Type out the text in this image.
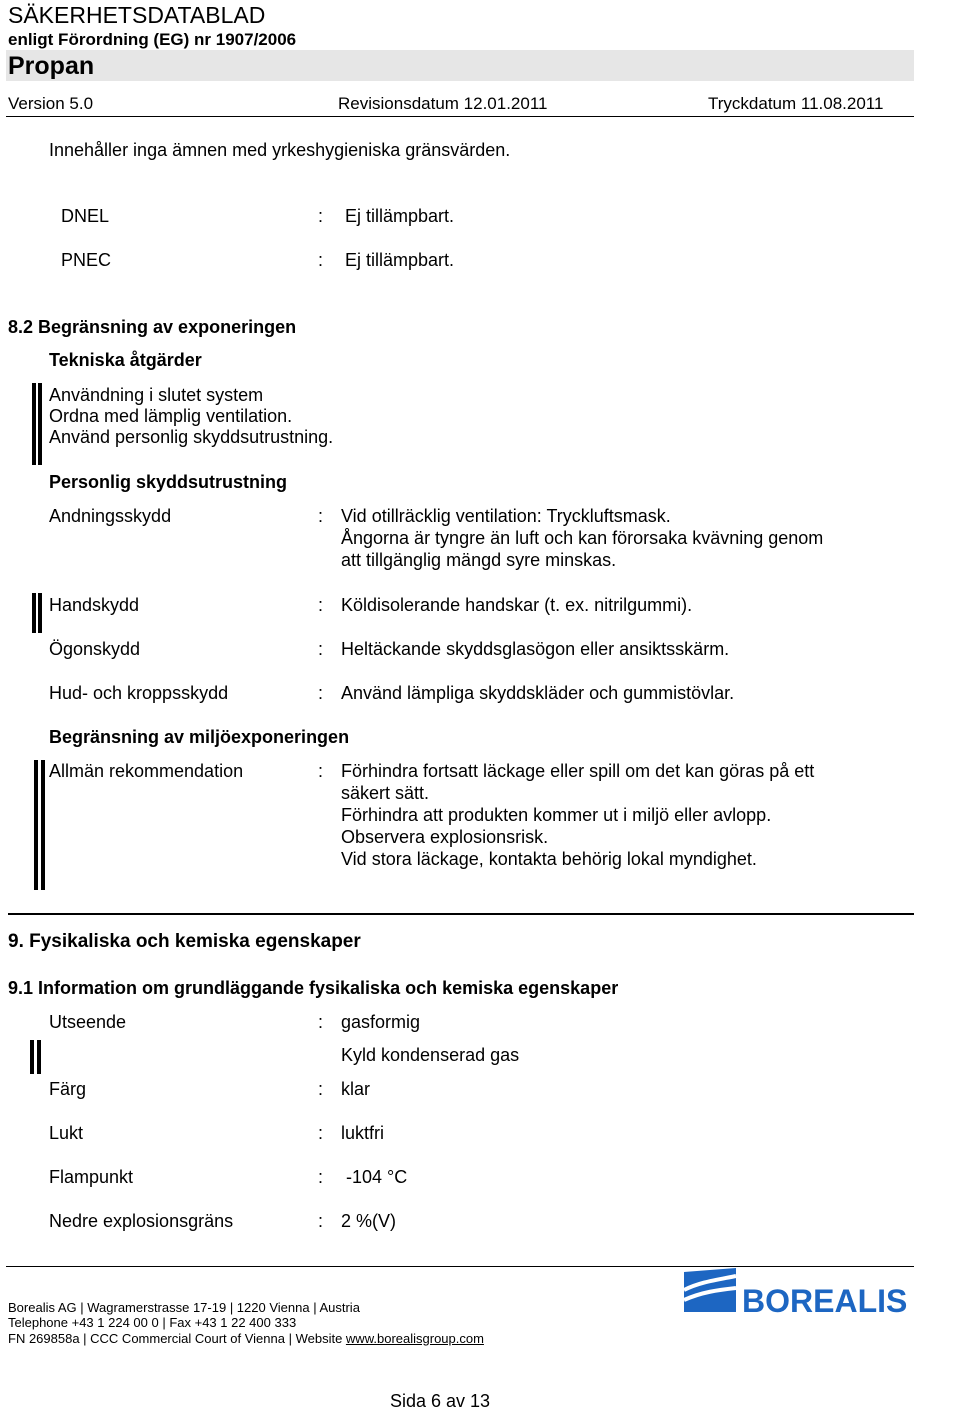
SÄKERHETSDATABLAD
enligt Förordning (EG) nr 1907/2006
Propan
Version 5.0	Revisionsdatum 12.01.2011	Tryckdatum 11.08.2011
Innehåller inga ämnen med yrkeshygieniska gränsvärden.
DNEL	: Ej tillämpbart.
PNEC	: Ej tillämpbart.
8.2 Begränsning av exponeringen
Tekniska åtgärder
Användning i slutet system
Ordna med lämplig ventilation.
Använd personlig skyddsutrustning.
Personlig skyddsutrustning
Andningsskydd	: Vid otillräcklig ventilation: Tryckluftsmask.
Ångorna är tyngre än luft och kan förorsaka kvävning genom
att tillgänglig mängd syre minskas.
Handskydd	: Köldisolerande handskar (t. ex. nitrilgummi).
Ögonskydd	: Heltäckande skyddsglasögon eller ansiktsskärm.
Hud- och kroppsskydd	: Använd lämpliga skyddskläder och gummistövlar.
Begränsning av miljöexponeringen
Allmän rekommendation	: Förhindra fortsatt läckage eller spill om det kan göras på ett
säkert sätt.
Förhindra att produkten kommer ut i miljö eller avlopp.
Observera explosionsrisk.
Vid stora läckage, kontakta behörig lokal myndighet.
9. Fysikaliska och kemiska egenskaper
9.1 Information om grundläggande fysikaliska och kemiska egenskaper
Utseende	: gasformig
Kyld kondenserad gas
Färg	: klar
Lukt	: luktfri
Flampunkt	: -104 °C
Nedre explosionsgräns	: 2 %(V)
Borealis AG | Wagramerstrasse 17-19 | 1220 Vienna | Austria
Telephone +43 1 224 00 0 | Fax +43 1 22 400 333
FN 269858a | CCC Commercial Court of Vienna | Website www.borealisgroup.com
BOREALIS
Sida 6 av 13
